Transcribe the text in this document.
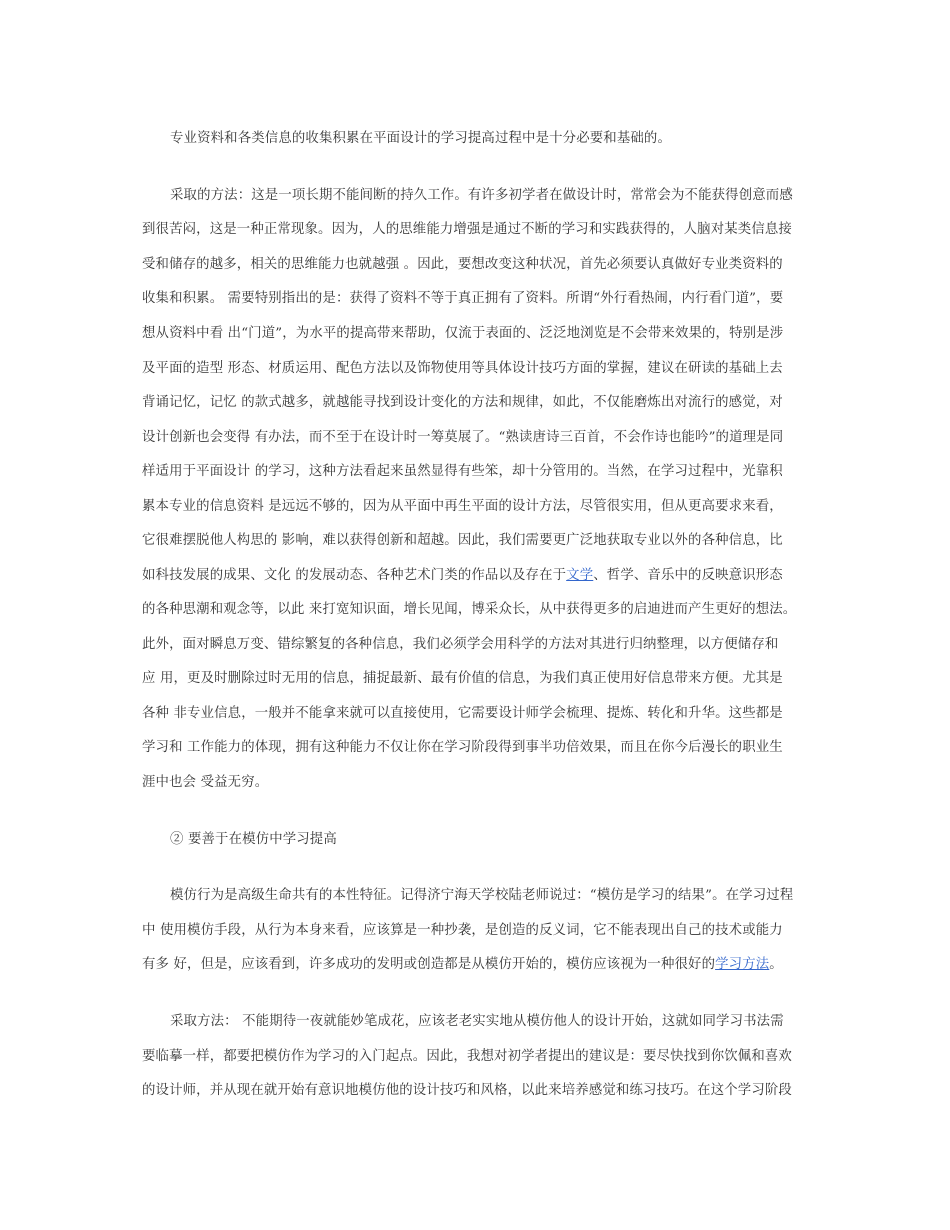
专业资料和各类信息的收集积累在平面设计的学习提高过程中是十分必要和基础的。
采取的方法：这是一项长期不能间断的持久工作。有许多初学者在做设计时，常常会为不能获得创意而感
到很苦闷，这是一种正常现象。因为，人的思维能力增强是通过不断的学习和实践获得的，人脑对某类信息接
受和储存的越多，相关的思维能力也就越强 。因此，要想改变这种状况，首先必须要认真做好专业类资料的
收集和积累。 需要特别指出的是：获得了资料不等于真正拥有了资料。所谓“外行看热闹，内行看门道”，要
想从资料中看 出“门道”，为水平的提高带来帮助，仅流于表面的、泛泛地浏览是不会带来效果的，特别是涉
及平面的造型 形态、材质运用、配色方法以及饰物使用等具体设计技巧方面的掌握，建议在研读的基础上去
背诵记忆，记忆 的款式越多，就越能寻找到设计变化的方法和规律，如此，不仅能磨炼出对流行的感觉，对
设计创新也会变得 有办法，而不至于在设计时一筹莫展了。“熟读唐诗三百首，不会作诗也能吟”的道理是同
样适用于平面设计 的学习，这种方法看起来虽然显得有些笨，却十分管用的。当然，在学习过程中，光靠积
累本专业的信息资料 是远远不够的，因为从平面中再生平面的设计方法，尽管很实用，但从更高要求来看，
它很难摆脱他人构思的 影响，难以获得创新和超越。因此，我们需要更广泛地获取专业以外的各种信息，比
如科技发展的成果、文化 的发展动态、各种艺术门类的作品以及存在于文学、哲学、音乐中的反映意识形态
的各种思潮和观念等，以此 来打宽知识面，增长见闻，博采众长，从中获得更多的启迪进而产生更好的想法。
此外，面对瞬息万变、错综繁复的各种信息，我们必须学会用科学的方法对其进行归纳整理，以方便储存和
应 用，更及时删除过时无用的信息，捕捉最新、最有价值的信息，为我们真正使用好信息带来方便。尤其是
各种 非专业信息，一般并不能拿来就可以直接使用，它需要设计师学会梳理、提炼、转化和升华。这些都是
学习和 工作能力的体现，拥有这种能力不仅让你在学习阶段得到事半功倍效果，而且在你今后漫长的职业生
涯中也会 受益无穷。
② 要善于在模仿中学习提高
模仿行为是高级生命共有的本性特征。记得济宁海天学校陆老师说过：“模仿是学习的结果”。在学习过程
中 使用模仿手段，从行为本身来看，应该算是一种抄袭，是创造的反义词，它不能表现出自己的技术或能力
有多 好，但是，应该看到，许多成功的发明或创造都是从模仿开始的，模仿应该视为一种很好的学习方法。
采取方法： 不能期待一夜就能妙笔成花，应该老老实实地从模仿他人的设计开始，这就如同学习书法需
要临摹一样，都要把模仿作为学习的入门起点。因此，我想对初学者提出的建议是：要尽快找到你饮佩和喜欢
的设计师，并从现在就开始有意识地模仿他的设计技巧和风格，以此来培养感觉和练习技巧。在这个学习阶段
